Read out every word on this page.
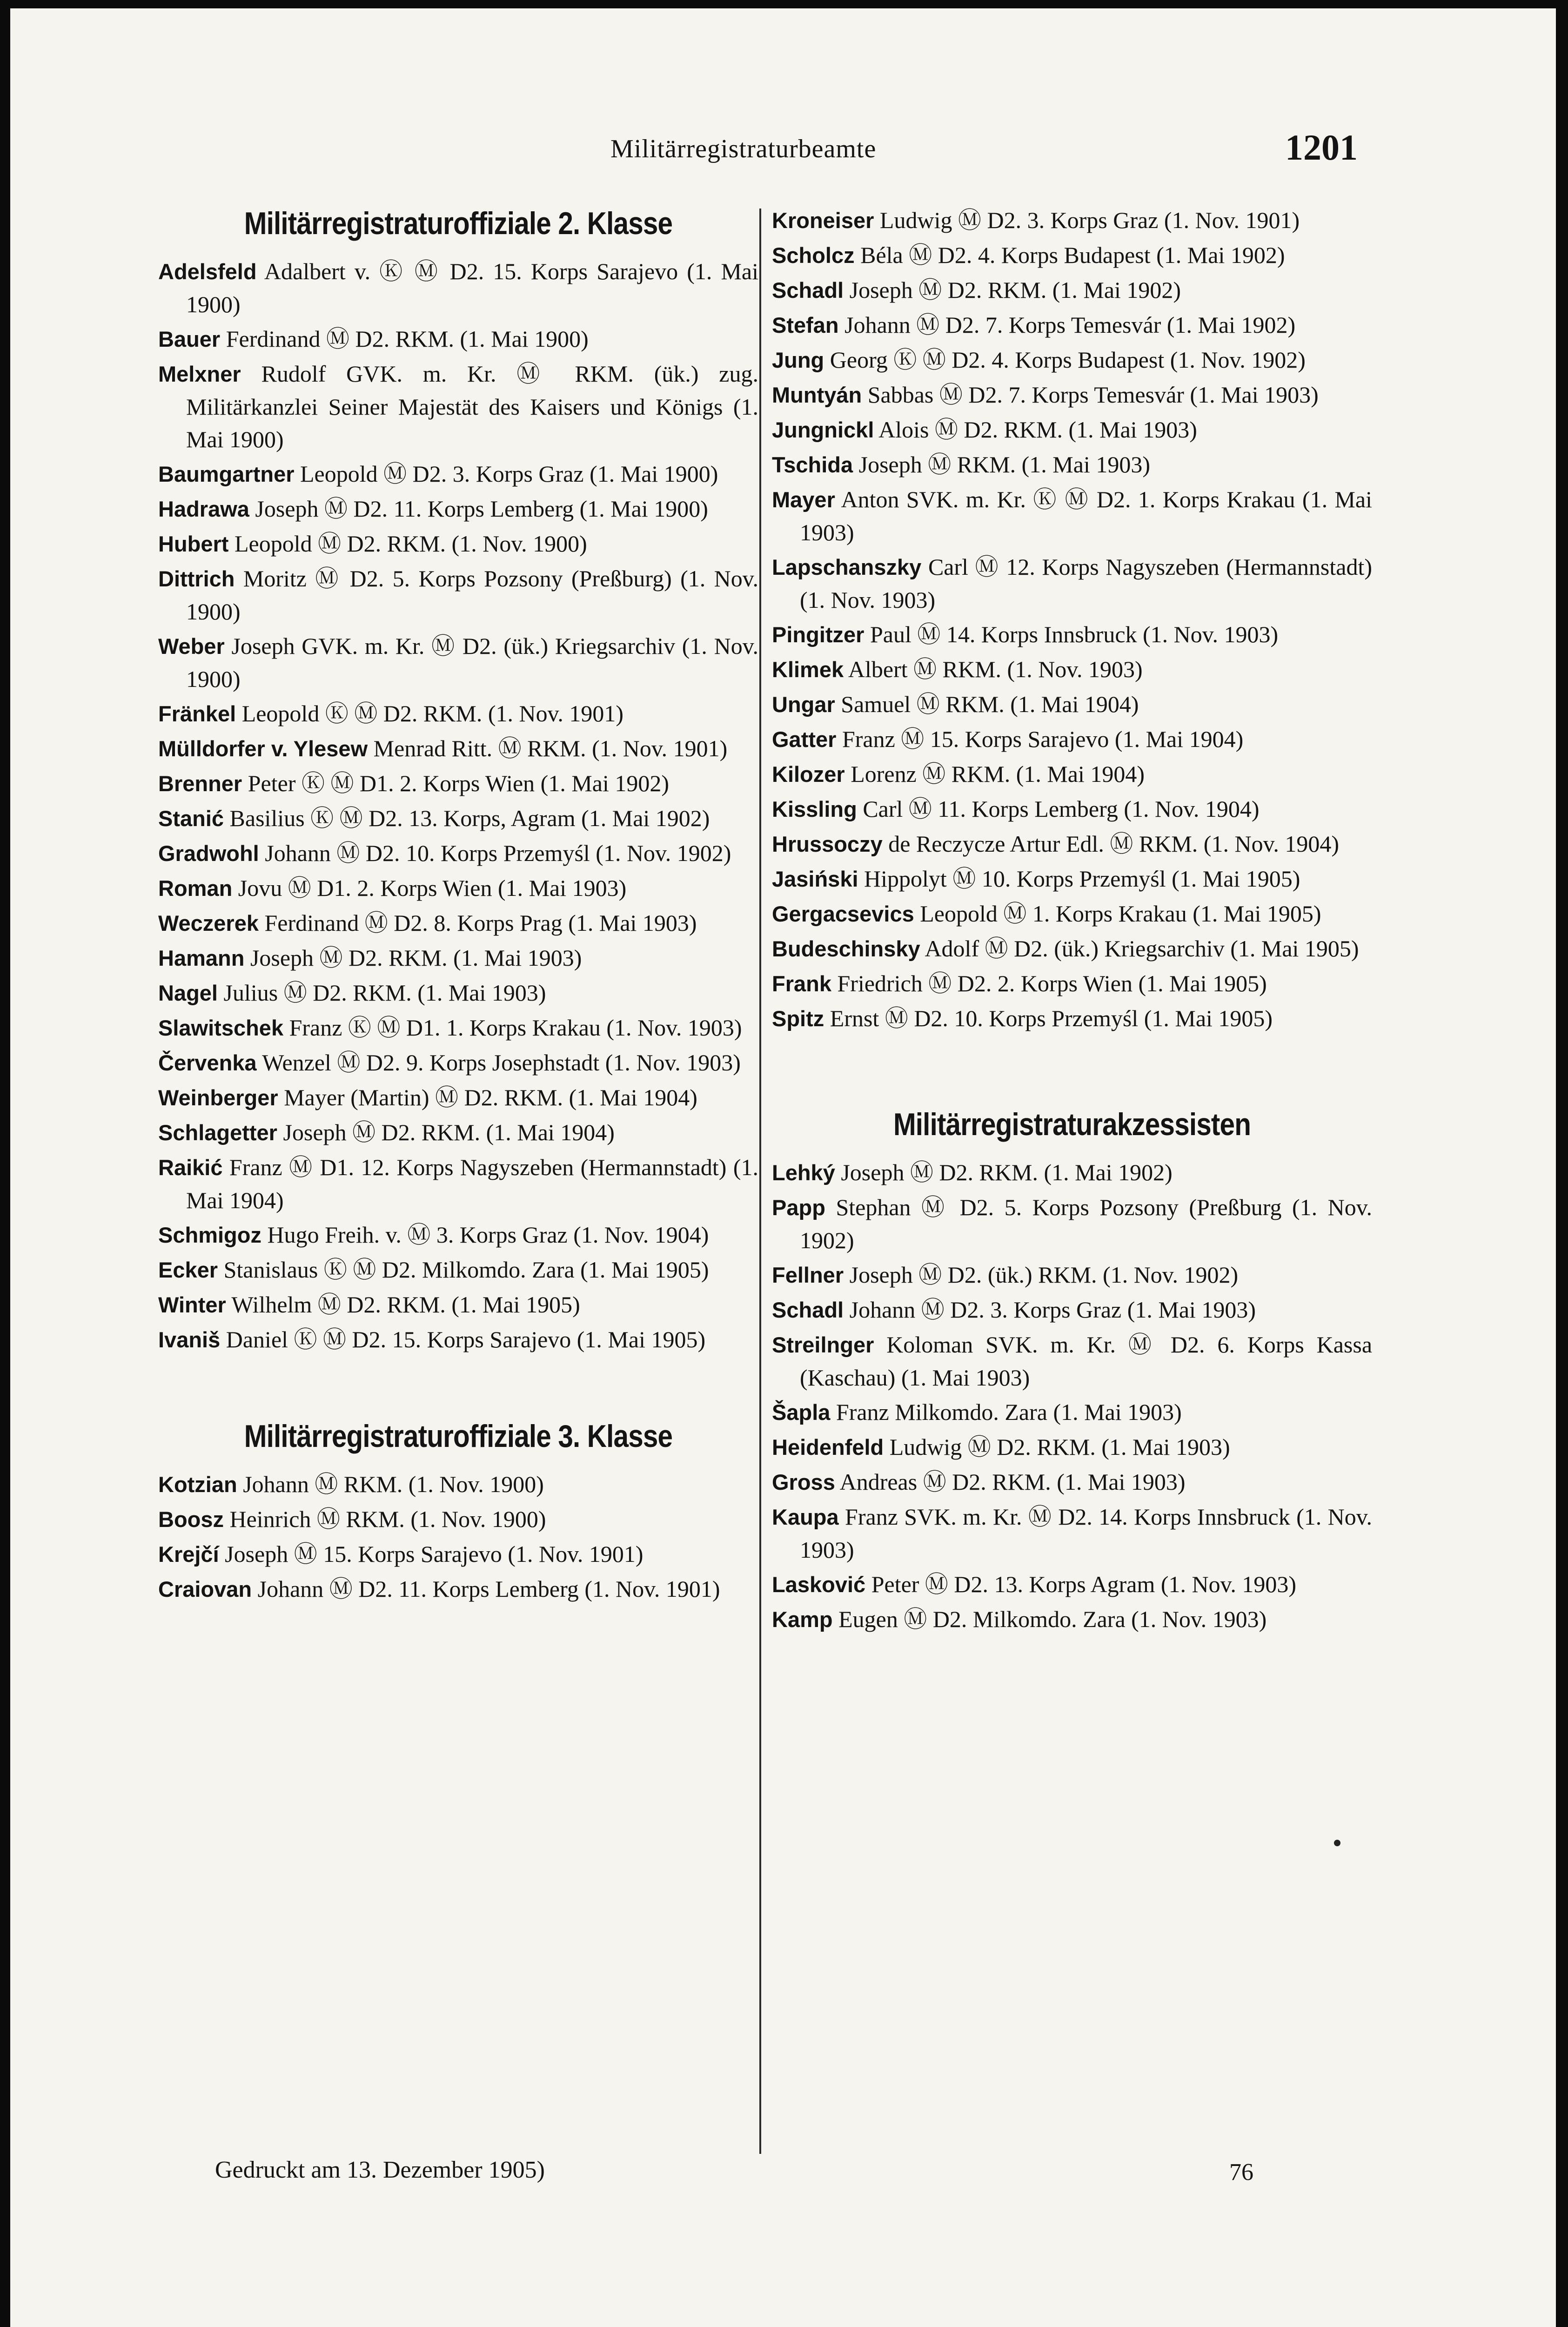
Militärregistraturbeamte	1201
Militärregistraturoffiziale 2. Klasse
Adelsfeld Adalbert v. Ⓚ Ⓜ D2. 15. Korps Sarajevo (1. Mai 1900)
Bauer Ferdinand Ⓜ D2. RKM. (1. Mai 1900)
Melxner Rudolf GVK. m. Kr. Ⓜ RKM. (ük.) zug. Militärkanzlei Seiner Majestät des Kaisers und Königs (1. Mai 1900)
Baumgartner Leopold Ⓜ D2. 3. Korps Graz (1. Mai 1900)
Hadrawa Joseph Ⓜ D2. 11. Korps Lemberg (1. Mai 1900)
Hubert Leopold Ⓜ D2. RKM. (1. Nov. 1900)
Dittrich Moritz Ⓜ D2. 5. Korps Pozsony (Preßburg) (1. Nov. 1900)
Weber Joseph GVK. m. Kr. Ⓜ D2. (ük.) Kriegsarchiv (1. Nov. 1900)
Fränkel Leopold Ⓚ Ⓜ D2. RKM. (1. Nov. 1901)
Mülldorfer v. Ylesew Menrad Ritt. Ⓜ RKM. (1. Nov. 1901)
Brenner Peter Ⓚ Ⓜ D1. 2. Korps Wien (1. Mai 1902)
Stanić Basilius Ⓚ Ⓜ D2. 13. Korps, Agram (1. Mai 1902)
Gradwohl Johann Ⓜ D2. 10. Korps Przemyśl (1. Nov. 1902)
Roman Jovu Ⓜ D1. 2. Korps Wien (1. Mai 1903)
Weczerek Ferdinand Ⓜ D2. 8. Korps Prag (1. Mai 1903)
Hamann Joseph Ⓜ D2. RKM. (1. Mai 1903)
Nagel Julius Ⓜ D2. RKM. (1. Mai 1903)
Slawitschek Franz Ⓚ Ⓜ D1. 1. Korps Krakau (1. Nov. 1903)
Červenka Wenzel Ⓜ D2. 9. Korps Josephstadt (1. Nov. 1903)
Weinberger Mayer (Martin) Ⓜ D2. RKM. (1. Mai 1904)
Schlagetter Joseph Ⓜ D2. RKM. (1. Mai 1904)
Raikić Franz Ⓜ D1. 12. Korps Nagyszeben (Hermannstadt) (1. Mai 1904)
Schmigoz Hugo Freih. v. Ⓜ 3. Korps Graz (1. Nov. 1904)
Ecker Stanislaus Ⓚ Ⓜ D2. Milkomdo. Zara (1. Mai 1905)
Winter Wilhelm Ⓜ D2. RKM. (1. Mai 1905)
Ivaniš Daniel Ⓚ Ⓜ D2. 15. Korps Sarajevo (1. Mai 1905)
Militärregistraturoffiziale 3. Klasse
Kotzian Johann Ⓜ RKM. (1. Nov. 1900)
Boosz Heinrich Ⓜ RKM. (1. Nov. 1900)
Krejčí Joseph Ⓜ 15. Korps Sarajevo (1. Nov. 1901)
Craiovan Johann Ⓜ D2. 11. Korps Lemberg (1. Nov. 1901)
Kroneiser Ludwig Ⓜ D2. 3. Korps Graz (1. Nov. 1901)
Scholcz Béla Ⓜ D2. 4. Korps Budapest (1. Mai 1902)
Schadl Joseph Ⓜ D2. RKM. (1. Mai 1902)
Stefan Johann Ⓜ D2. 7. Korps Temesvár (1. Mai 1902)
Jung Georg Ⓚ Ⓜ D2. 4. Korps Budapest (1. Nov. 1902)
Muntyán Sabbas Ⓜ D2. 7. Korps Temesvár (1. Mai 1903)
Jungnickl Alois Ⓜ D2. RKM. (1. Mai 1903)
Tschida Joseph Ⓜ RKM. (1. Mai 1903)
Mayer Anton SVK. m. Kr. Ⓚ Ⓜ D2. 1. Korps Krakau (1. Mai 1903)
Lapschanszky Carl Ⓜ 12. Korps Nagyszeben (Hermannstadt) (1. Nov. 1903)
Pingitzer Paul Ⓜ 14. Korps Innsbruck (1. Nov. 1903)
Klimek Albert Ⓜ RKM. (1. Nov. 1903)
Ungar Samuel Ⓜ RKM. (1. Mai 1904)
Gatter Franz Ⓜ 15. Korps Sarajevo (1. Mai 1904)
Kilozer Lorenz Ⓜ RKM. (1. Mai 1904)
Kissling Carl Ⓜ 11. Korps Lemberg (1. Nov. 1904)
Hrussoczy de Reczycze Artur Edl. Ⓜ RKM. (1. Nov. 1904)
Jasiński Hippolyt Ⓜ 10. Korps Przemyśl (1. Mai 1905)
Gergacsevics Leopold Ⓜ 1. Korps Krakau (1. Mai 1905)
Budeschinsky Adolf Ⓜ D2. (ük.) Kriegsarchiv (1. Mai 1905)
Frank Friedrich Ⓜ D2. 2. Korps Wien (1. Mai 1905)
Spitz Ernst Ⓜ D2. 10. Korps Przemyśl (1. Mai 1905)
Militärregistraturakzessisten
Lehký Joseph Ⓜ D2. RKM. (1. Mai 1902)
Papp Stephan Ⓜ D2. 5. Korps Pozsony (Preßburg (1. Nov. 1902)
Fellner Joseph Ⓜ D2. (ük.) RKM. (1. Nov. 1902)
Schadl Johann Ⓜ D2. 3. Korps Graz (1. Mai 1903)
Streilnger Koloman SVK. m. Kr. Ⓜ D2. 6. Korps Kassa (Kaschau) (1. Mai 1903)
Šapla Franz Milkomdo. Zara (1. Mai 1903)
Heidenfeld Ludwig Ⓜ D2. RKM. (1. Mai 1903)
Gross Andreas Ⓜ D2. RKM. (1. Mai 1903)
Kaupa Franz SVK. m. Kr. Ⓜ D2. 14. Korps Innsbruck (1. Nov. 1903)
Lasković Peter Ⓜ D2. 13. Korps Agram (1. Nov. 1903)
Kamp Eugen Ⓜ D2. Milkomdo. Zara (1. Nov. 1903)
Gedruckt am 13. Dezember 1905)	76
